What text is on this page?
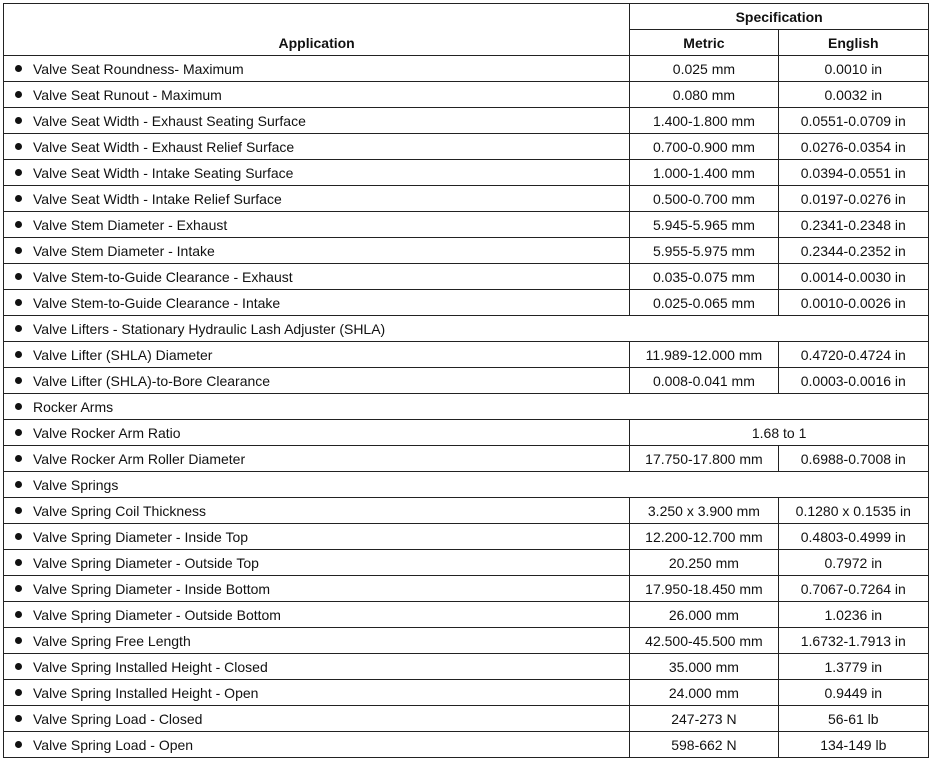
Application	Specification	
	Metric	English
Valve Seat Roundness- Maximum	0.025 mm	0.0010 in
Valve Seat Runout - Maximum	0.080 mm	0.0032 in
Valve Seat Width - Exhaust Seating Surface	1.400-1.800 mm	0.0551-0.0709 in
Valve Seat Width - Exhaust Relief Surface	0.700-0.900 mm	0.0276-0.0354 in
Valve Seat Width - Intake Seating Surface	1.000-1.400 mm	0.0394-0.0551 in
Valve Seat Width - Intake Relief Surface	0.500-0.700 mm	0.0197-0.0276 in
Valve Stem Diameter - Exhaust	5.945-5.965 mm	0.2341-0.2348 in
Valve Stem Diameter - Intake	5.955-5.975 mm	0.2344-0.2352 in
Valve Stem-to-Guide Clearance - Exhaust	0.035-0.075 mm	0.0014-0.0030 in
Valve Stem-to-Guide Clearance - Intake	0.025-0.065 mm	0.0010-0.0026 in
Valve Lifters - Stationary Hydraulic Lash Adjuster (SHLA)		
Valve Lifter (SHLA) Diameter	11.989-12.000 mm	0.4720-0.4724 in
Valve Lifter (SHLA)-to-Bore Clearance	0.008-0.041 mm	0.0003-0.0016 in
Rocker Arms		
Valve Rocker Arm Ratio	1.68 to 1	
Valve Rocker Arm Roller Diameter	17.750-17.800 mm	0.6988-0.7008 in
Valve Springs		
Valve Spring Coil Thickness	3.250 x 3.900 mm	0.1280 x 0.1535 in
Valve Spring Diameter - Inside Top	12.200-12.700 mm	0.4803-0.4999 in
Valve Spring Diameter - Outside Top	20.250 mm	0.7972 in
Valve Spring Diameter - Inside Bottom	17.950-18.450 mm	0.7067-0.7264 in
Valve Spring Diameter - Outside Bottom	26.000 mm	1.0236 in
Valve Spring Free Length	42.500-45.500 mm	1.6732-1.7913 in
Valve Spring Installed Height - Closed	35.000 mm	1.3779 in
Valve Spring Installed Height - Open	24.000 mm	0.9449 in
Valve Spring Load - Closed	247-273 N	56-61 lb
Valve Spring Load - Open	598-662 N	134-149 lb
